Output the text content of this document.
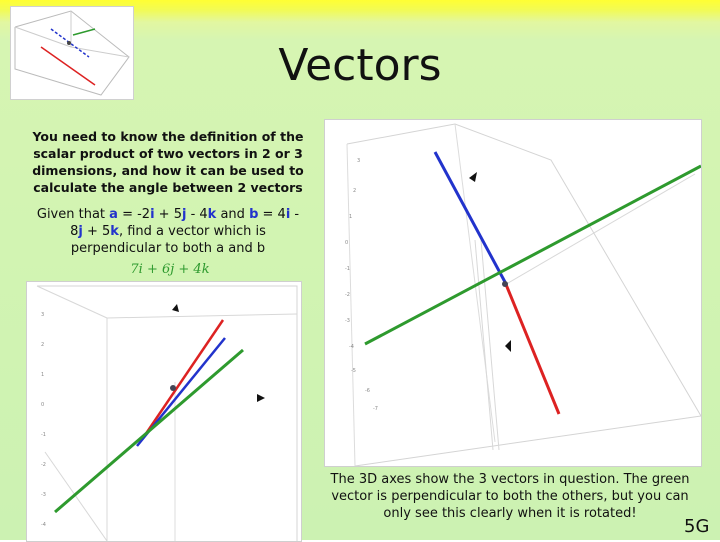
Vectors
You need to know the definition of the scalar product of two vectors in 2 or 3 dimensions, and how it can be used to calculate the angle between 2 vectors
Given that a = -2i + 5j - 4k and b = 4i - 8j + 5k, find a vector which is perpendicular to both a and b
7i + 6j + 4k
3
2
1
0
-1
-2
-3
-4
-5
-6
-7
3
2
1
0
-1
-2
-3
-4
The 3D axes show the 3 vectors in question. The green vector is perpendicular to both the others, but you can only see this clearly when it is rotated!
5G
